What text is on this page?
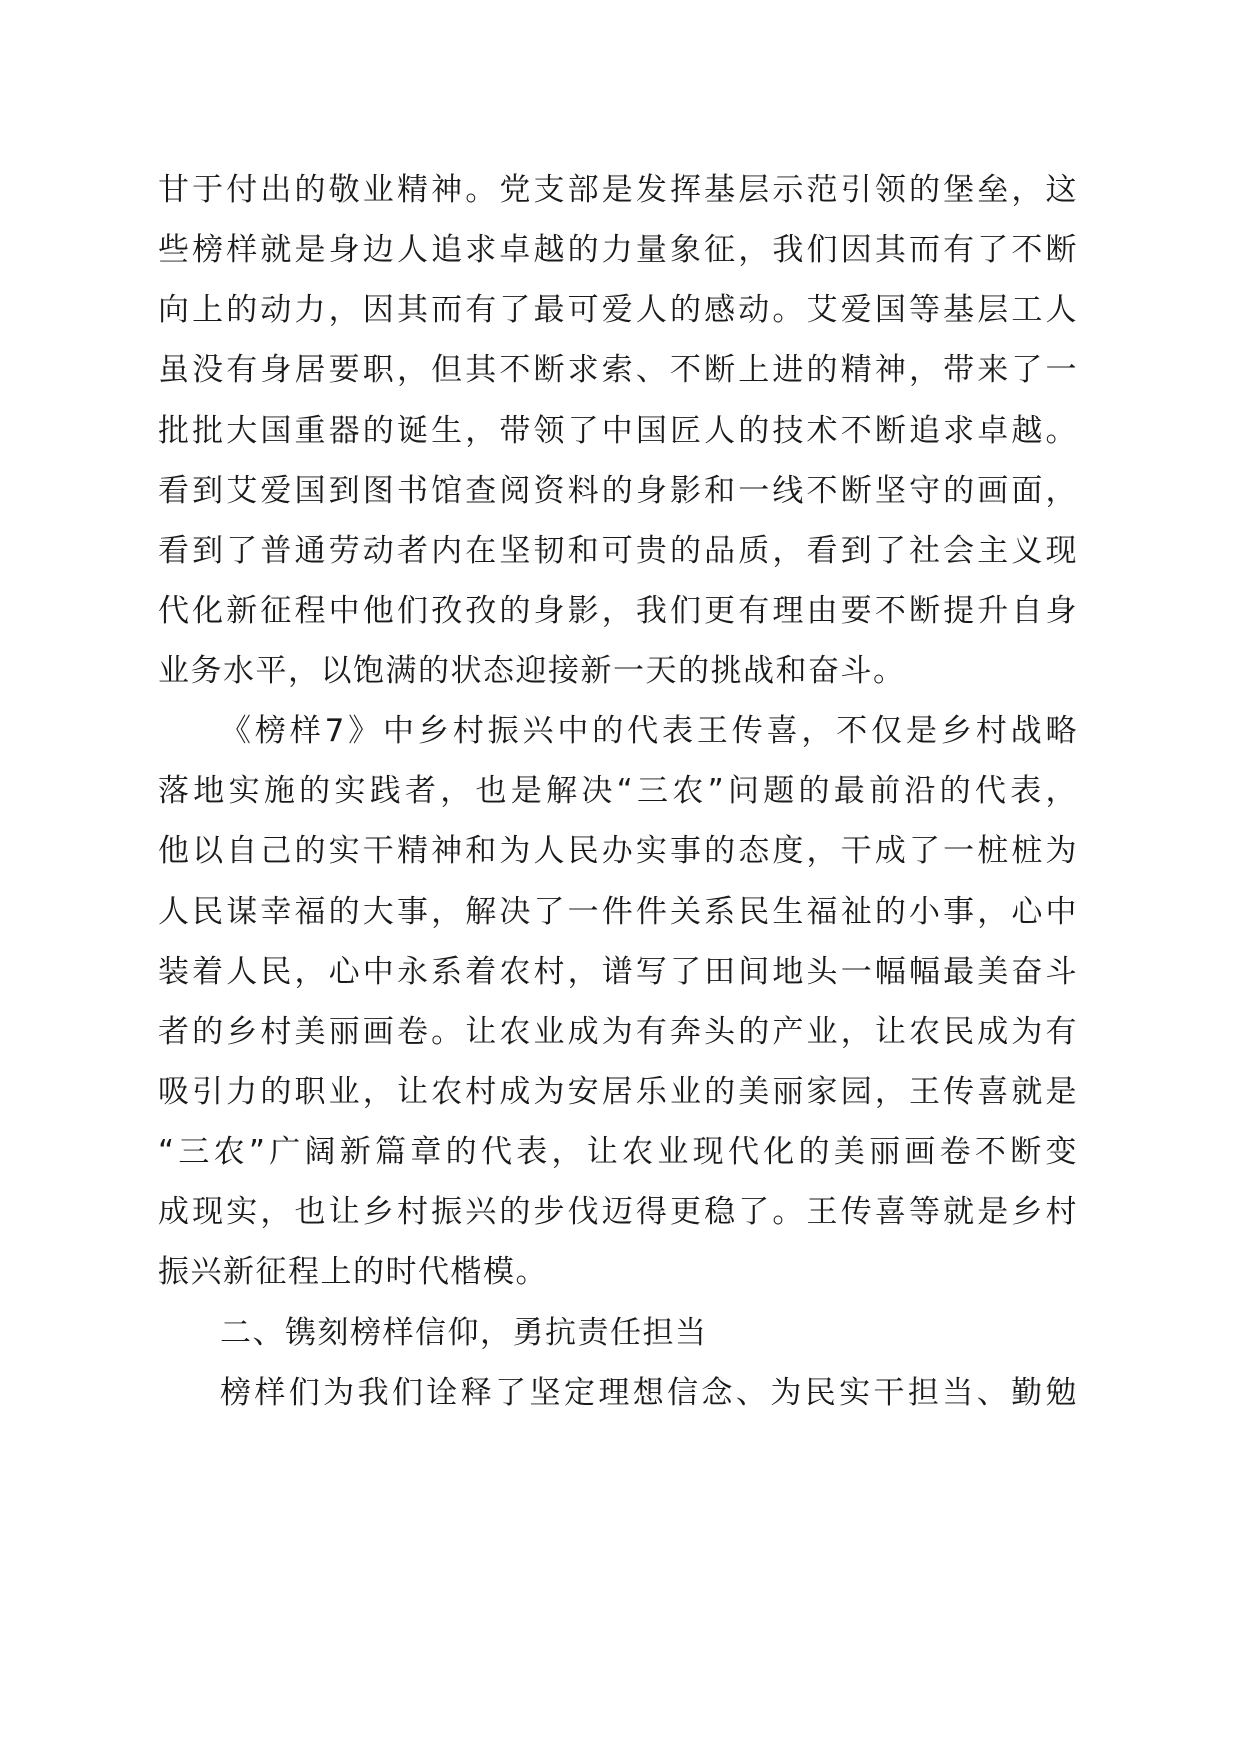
甘于付出的敬业精神。党支部是发挥基层示范引领的堡垒，这
些榜样就是身边人追求卓越的力量象征，我们因其而有了不断
向上的动力，因其而有了最可爱人的感动。艾爱国等基层工人
虽没有身居要职，但其不断求索、不断上进的精神，带来了一
批批大国重器的诞生，带领了中国匠人的技术不断追求卓越。
看到艾爱国到图书馆查阅资料的身影和一线不断坚守的画面，
看到了普通劳动者内在坚韧和可贵的品质，看到了社会主义现
代化新征程中他们孜孜的身影，我们更有理由要不断提升自身
业务水平，以饱满的状态迎接新一天的挑战和奋斗。
《榜样7》中乡村振兴中的代表王传喜，不仅是乡村战略
落地实施的实践者，也是解决“三农”问题的最前沿的代表，
他以自己的实干精神和为人民办实事的态度，干成了一桩桩为
人民谋幸福的大事，解决了一件件关系民生福祉的小事，心中
装着人民，心中永系着农村，谱写了田间地头一幅幅最美奋斗
者的乡村美丽画卷。让农业成为有奔头的产业，让农民成为有
吸引力的职业，让农村成为安居乐业的美丽家园，王传喜就是
“三农”广阔新篇章的代表，让农业现代化的美丽画卷不断变
成现实，也让乡村振兴的步伐迈得更稳了。王传喜等就是乡村
振兴新征程上的时代楷模。
二、镌刻榜样信仰，勇抗责任担当
榜样们为我们诠释了坚定理想信念、为民实干担当、勤勉
